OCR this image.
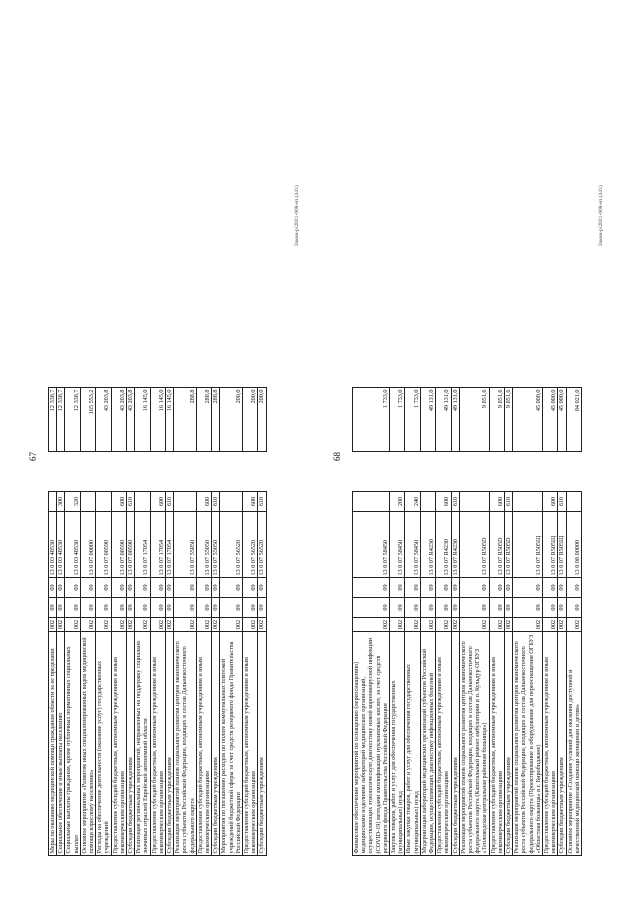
67
Меры по оказанию медицинской помощи гражданам области за ее пределами	002	09	09	13 0 03 48530			12 338,7
Социальное обеспечение и иные выплаты населению	002	09	09	13 0 03 48530	300		12 338,7
Социальные выплаты гражданам, кроме публичных нормативных социальных выплат	002	09	09	13 0 03 48530	320		12 338,7
Основное мероприятие «Развитие иных специализированных видов медицинской помощи взрослому населению»	002	09	09	13 0 07 00000			165 553,2
Расходы на обеспечение деятельности (оказание услуг) государственных учреждений	002	09	09	13 0 07 00590			43 203,8
Предоставление субсидий бюджетным, автономным учреждениям и иным некоммерческим организациям	002	09	09	13 0 07 00590	600		43 203,8
Субсидии бюджетным учреждениям	002	09	09	13 0 07 00590	610		43 203,8
Реализация региональных мероприятий, направленных на поддержку социально значимых отраслей Еврейской автономной области	002	09	09	13 0 07 17054			16 145,0
Предоставление субсидий бюджетным, автономным учреждениям и иным некоммерческим организациям	002	09	09	13 0 07 17054	600		16 145,0
Субсидии бюджетным учреждениям	002	09	09	13 0 07 17054	610		16 145,0
Реализация мероприятий планов социального развития центров экономического роста субъектов Российской Федерации, входящих в состав Дальневосточного федерального округа	002	09	09	13 0 07 55050			288,8
Предоставление субсидий бюджетным, автономным учреждениям и иным некоммерческим организациям	002	09	09	13 0 07 55050	600		288,8
Субсидии бюджетным учреждениям	002	09	09	13 0 07 55050	610		288,8
Мероприятия по погашению расходов по оплате коммунальных платежей учреждений бюджетной сферы за счет средств резервного фонда Правительства Российской Федерации	002	09	09	13 0 07 56520			200,0
Предоставление субсидий бюджетным, автономным учреждениям и иным некоммерческим организациям	002	09	09	13 0 07 56520	600		200,0
Субсидии бюджетным учреждениям	002	09	09	13 0 07 56520	610		200,0
Закон-р/2021-608-нз.(341)
68
Финансовое обеспечение мероприятий по оснащению (переоснащению) медицинскими изделиями лабораторий медицинских организаций, осуществляющих этиологическую диагностику новой коронавирусной инфекции (COVID-19) методами амплификации нуклеиновых кислот, за счет средств резервного фонда Правительства Российской Федерации	002	09	09	13 0 07 58450			1 733,0
Закупка товаров, работ и услуг для обеспечения государственных (муниципальных) нужд	002	09	09	13 0 07 58450	200		1 733,0
Иные закупки товаров, работ и услуг для обеспечения государственных (муниципальных) нужд	002	09	09	13 0 07 58450	240		1 733,0
Модернизация лабораторий медицинских организаций субъектов Российской Федерации, осуществляющих диагностику инфекционных болезней	002	09	09	13 0 07 R4230			49 131,0
Предоставление субсидий бюджетным, автономным учреждениям и иным некоммерческим организациям	002	09	09	13 0 07 R4230	600		49 131,0
Субсидии бюджетным учреждениям	002	09	09	13 0 07 R4230	610		49 131,0
Реализация мероприятий планов социального развития центров экономического роста субъектов Российской Федерации, входящих в состав Дальневосточного федерального округа (Капитальный ремонт амбулатории в п. Кульдур ОГБУЗ «Тепловодская центральная районная больница»)	002	09	09	13 0 07 R505D			9 851,6
Предоставление субсидий бюджетным, автономным учреждениям и иным некоммерческим организациям	002	09	09	13 0 07 R505D	600		9 851,6
Субсидии бюджетным учреждениям	002	09	09	13 0 07 R505D	610		9 851,6
Реализация мероприятий планов социального развития центров экономического роста субъектов Российской Федерации, входящих в состав Дальневосточного федерального округа (Проектирование и оборудование для переоснащения ОГБУЗ «Областная больница» в г. Биробиджане)	002	09	09	13 0 07 R505Щ			45 000,0
Предоставление субсидий бюджетным, автономным учреждениям и иным некоммерческим организациям	002	09	09	13 0 07 R505Щ	600		45 000,0
Субсидии бюджетным учреждениям	002	09	09	13 0 07 R505Щ	610		45 000,0
Основное мероприятие «Создание условий для оказания доступной и качественной медицинской помощи женщинам и детям»	002	09	09	13 0 08 00000			84 021,0
Закон-р/2021-608-нз.(341)
